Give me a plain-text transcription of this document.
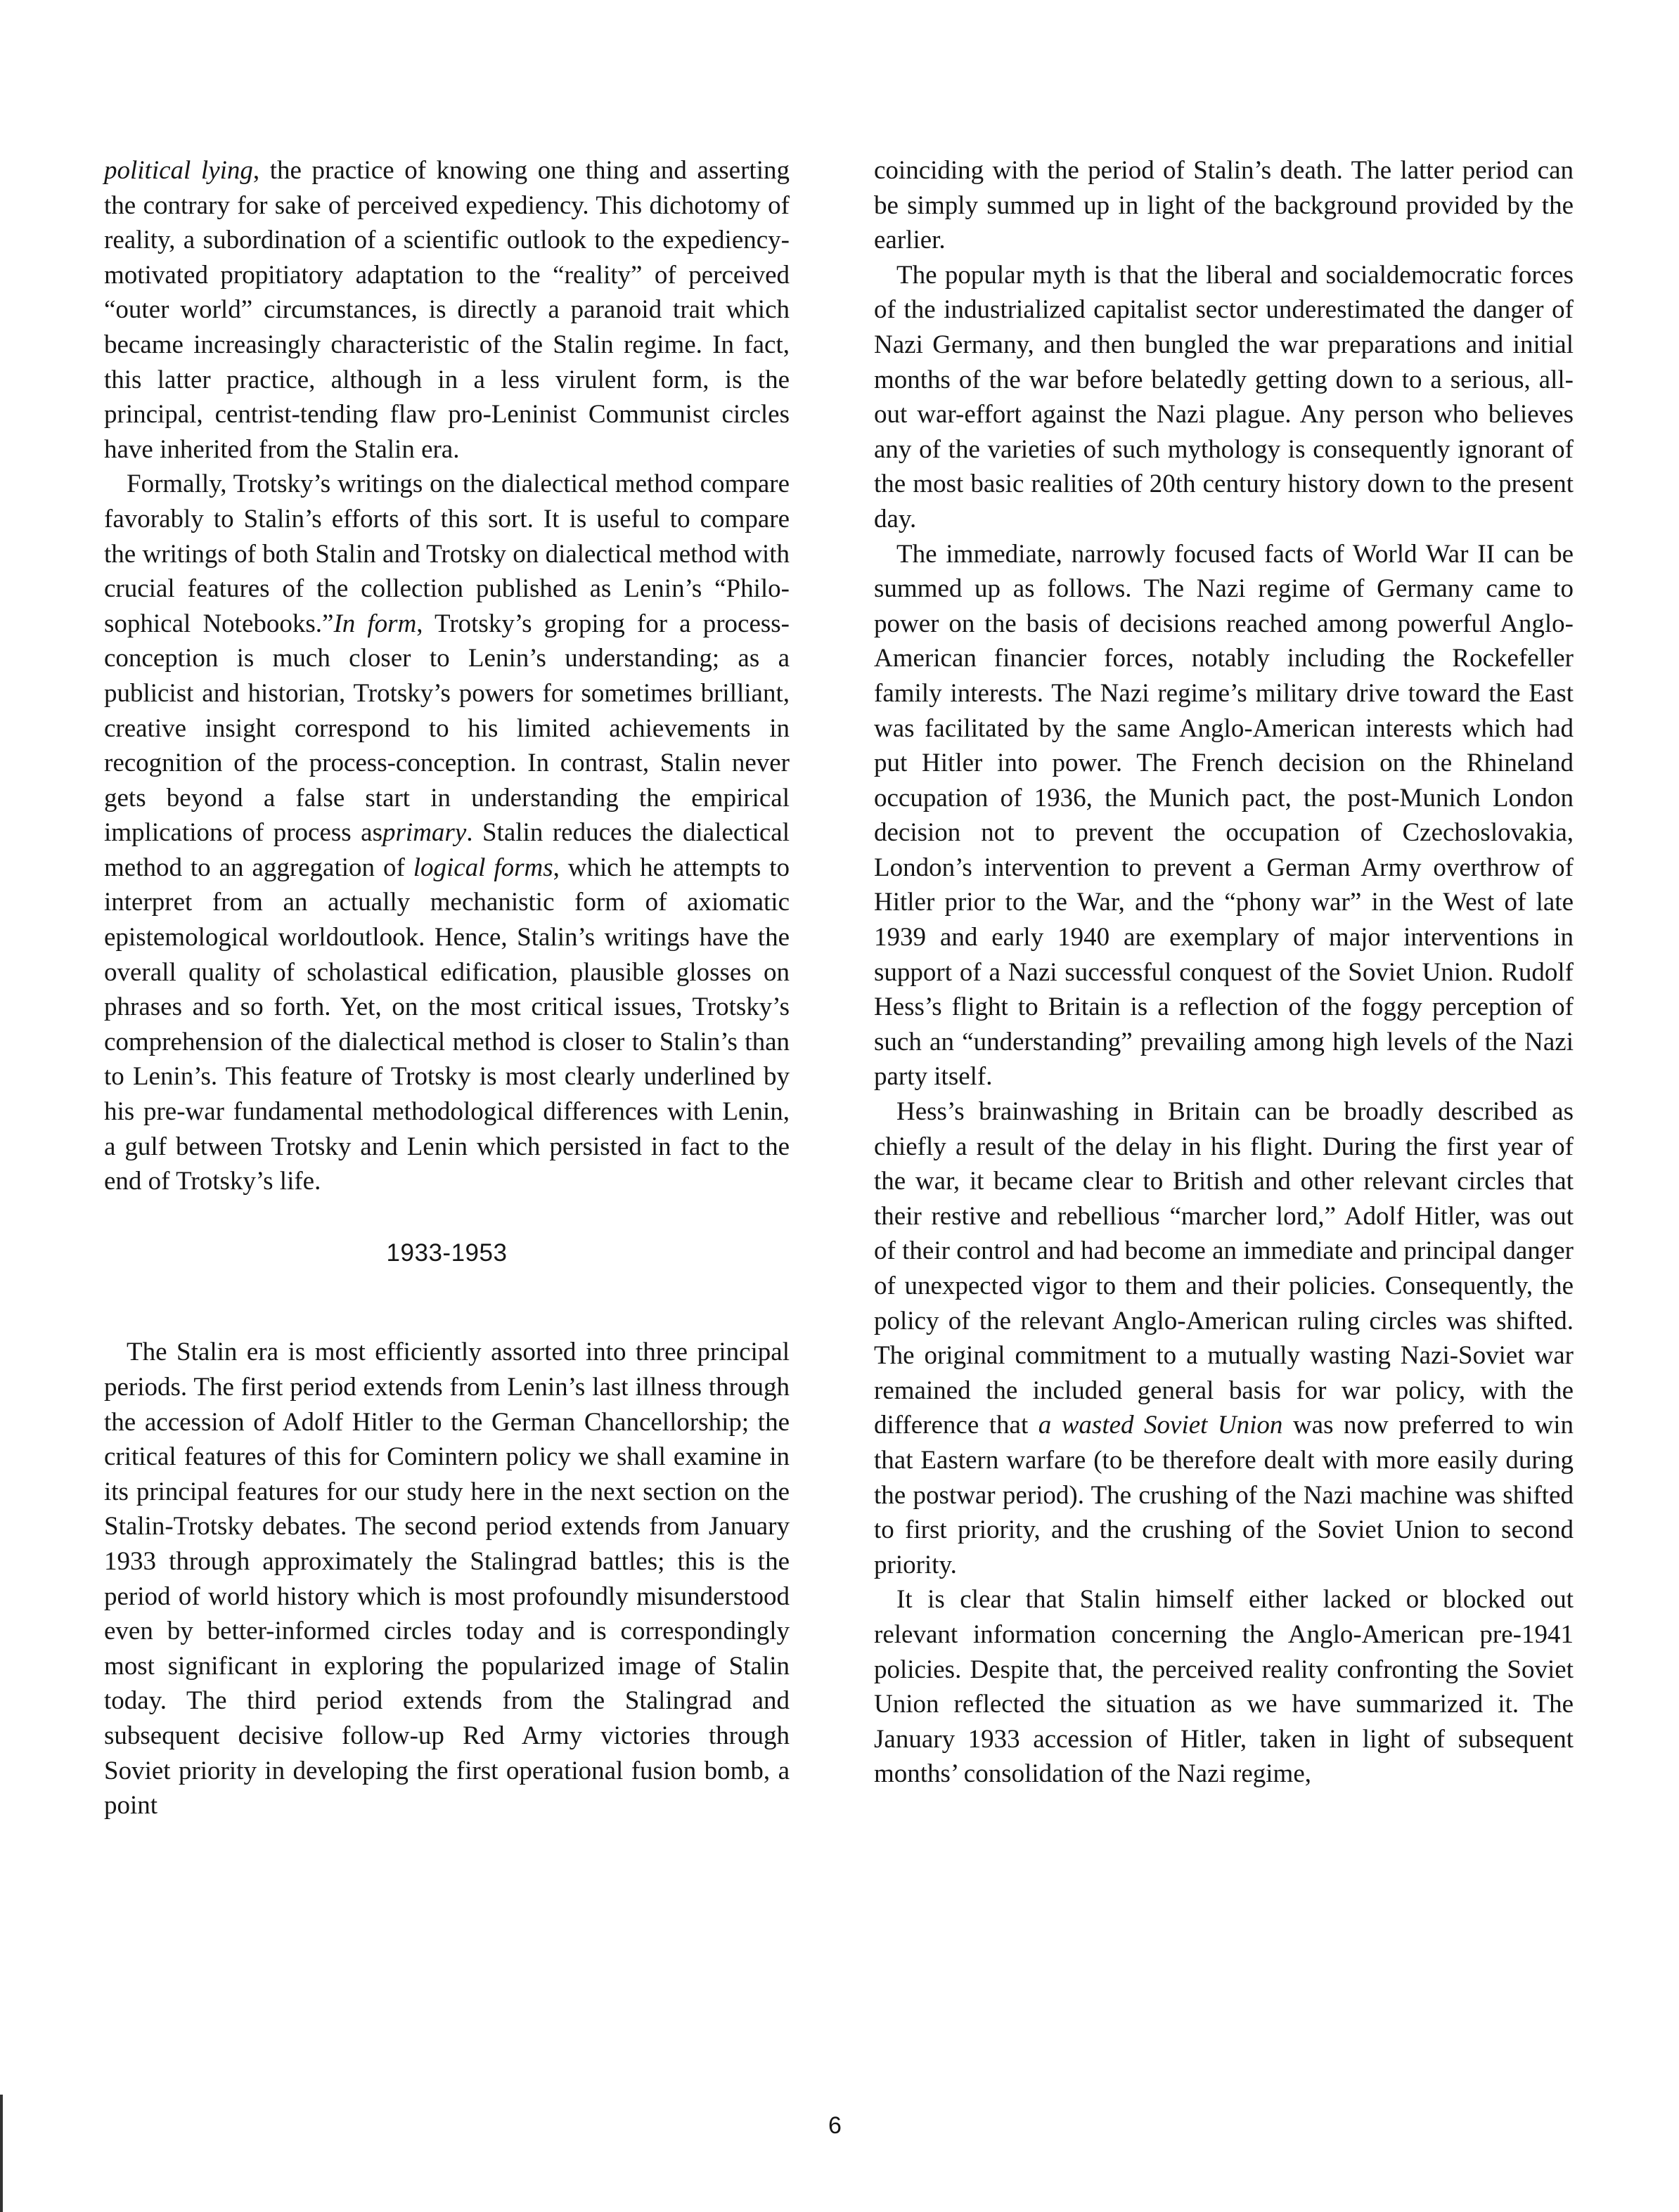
political lying, the practice of knowing one thing and asserting the contrary for sake of perceived expediency. This dichotomy of reality, a subordination of a scientific outlook to the expediency-motivated propitiatory adaptation to the “reality” of perceived “outer world” circumstances, is directly a paranoid trait which became increasingly characteristic of the Stalin regime. In fact, this latter practice, although in a less virulent form, is the principal, centrist-tending flaw pro-Leninist Communist circles have inherited from the Stalin era.

Formally, Trotsky’s writings on the dialectical method compare favorably to Stalin’s efforts of this sort. It is useful to compare the writings of both Stalin and Trotsky on dialectical method with crucial features of the collection published as Lenin’s “Philosophical Notebooks.”In form, Trotsky’s groping for a process-conception is much closer to Lenin’s understanding; as a publicist and historian, Trotsky’s powers for sometimes brilliant, creative insight correspond to his limited achievements in recognition of the process-conception. In contrast, Stalin never gets beyond a false start in understanding the empirical implications of process asprimary. Stalin reduces the dialectical method to an aggregation of logical forms, which he attempts to interpret from an actually mechanistic form of axiomatic epistemological worldoutlook. Hence, Stalin’s writings have the overall quality of scholastical edification, plausible glosses on phrases and so forth. Yet, on the most critical issues, Trotsky’s comprehension of the dialectical method is closer to Stalin’s than to Lenin’s. This feature of Trotsky is most clearly underlined by his pre-war fundamental methodological differences with Lenin, a gulf between Trotsky and Lenin which persisted in fact to the end of Trotsky’s life.

1933-1953

The Stalin era is most efficiently assorted into three principal periods. The first period extends from Lenin’s last illness through the accession of Adolf Hitler to the German Chancellorship; the critical features of this for Comintern policy we shall examine in its principal features for our study here in the next section on the Stalin-Trotsky debates. The second period extends from January 1933 through approximately the Stalingrad battles; this is the period of world history which is most profoundly misunderstood even by better-informed circles today and is correspondingly most significant in exploring the popularized image of Stalin today. The third period extends from the Stalingrad and subsequent decisive follow-up Red Army victories through Soviet priority in developing the first operational fusion bomb, a point

coinciding with the period of Stalin’s death. The latter period can be simply summed up in light of the background provided by the earlier.

The popular myth is that the liberal and socialdemocratic forces of the industrialized capitalist sector underestimated the danger of Nazi Germany, and then bungled the war preparations and initial months of the war before belatedly getting down to a serious, all-out war-effort against the Nazi plague. Any person who believes any of the varieties of such mythology is consequently ignorant of the most basic realities of 20th century history down to the present day.

The immediate, narrowly focused facts of World War II can be summed up as follows. The Nazi regime of Germany came to power on the basis of decisions reached among powerful Anglo-American financier forces, notably including the Rockefeller family interests. The Nazi regime’s military drive toward the East was facilitated by the same Anglo-American interests which had put Hitler into power. The French decision on the Rhineland occupation of 1936, the Munich pact, the post-Munich London decision not to prevent the occupation of Czechoslovakia, London’s intervention to prevent a German Army overthrow of Hitler prior to the War, and the “phony war” in the West of late 1939 and early 1940 are exemplary of major interventions in support of a Nazi successful conquest of the Soviet Union. Rudolf Hess’s flight to Britain is a reflection of the foggy perception of such an “understanding” prevailing among high levels of the Nazi party itself.

Hess’s brainwashing in Britain can be broadly described as chiefly a result of the delay in his flight. During the first year of the war, it became clear to British and other relevant circles that their restive and rebellious “marcher lord,” Adolf Hitler, was out of their control and had become an immediate and principal danger of unexpected vigor to them and their policies. Consequently, the policy of the relevant Anglo-American ruling circles was shifted. The original commitment to a mutually wasting Nazi-Soviet war remained the included general basis for war policy, with the difference that a wasted Soviet Union was now preferred to win that Eastern warfare (to be therefore dealt with more easily during the postwar period). The crushing of the Nazi machine was shifted to first priority, and the crushing of the Soviet Union to second priority.

It is clear that Stalin himself either lacked or blocked out relevant information concerning the Anglo-American pre-1941 policies. Despite that, the perceived reality confronting the Soviet Union reflected the situation as we have summarized it. The January 1933 accession of Hitler, taken in light of subsequent months’ consolidation of the Nazi regime,

6
